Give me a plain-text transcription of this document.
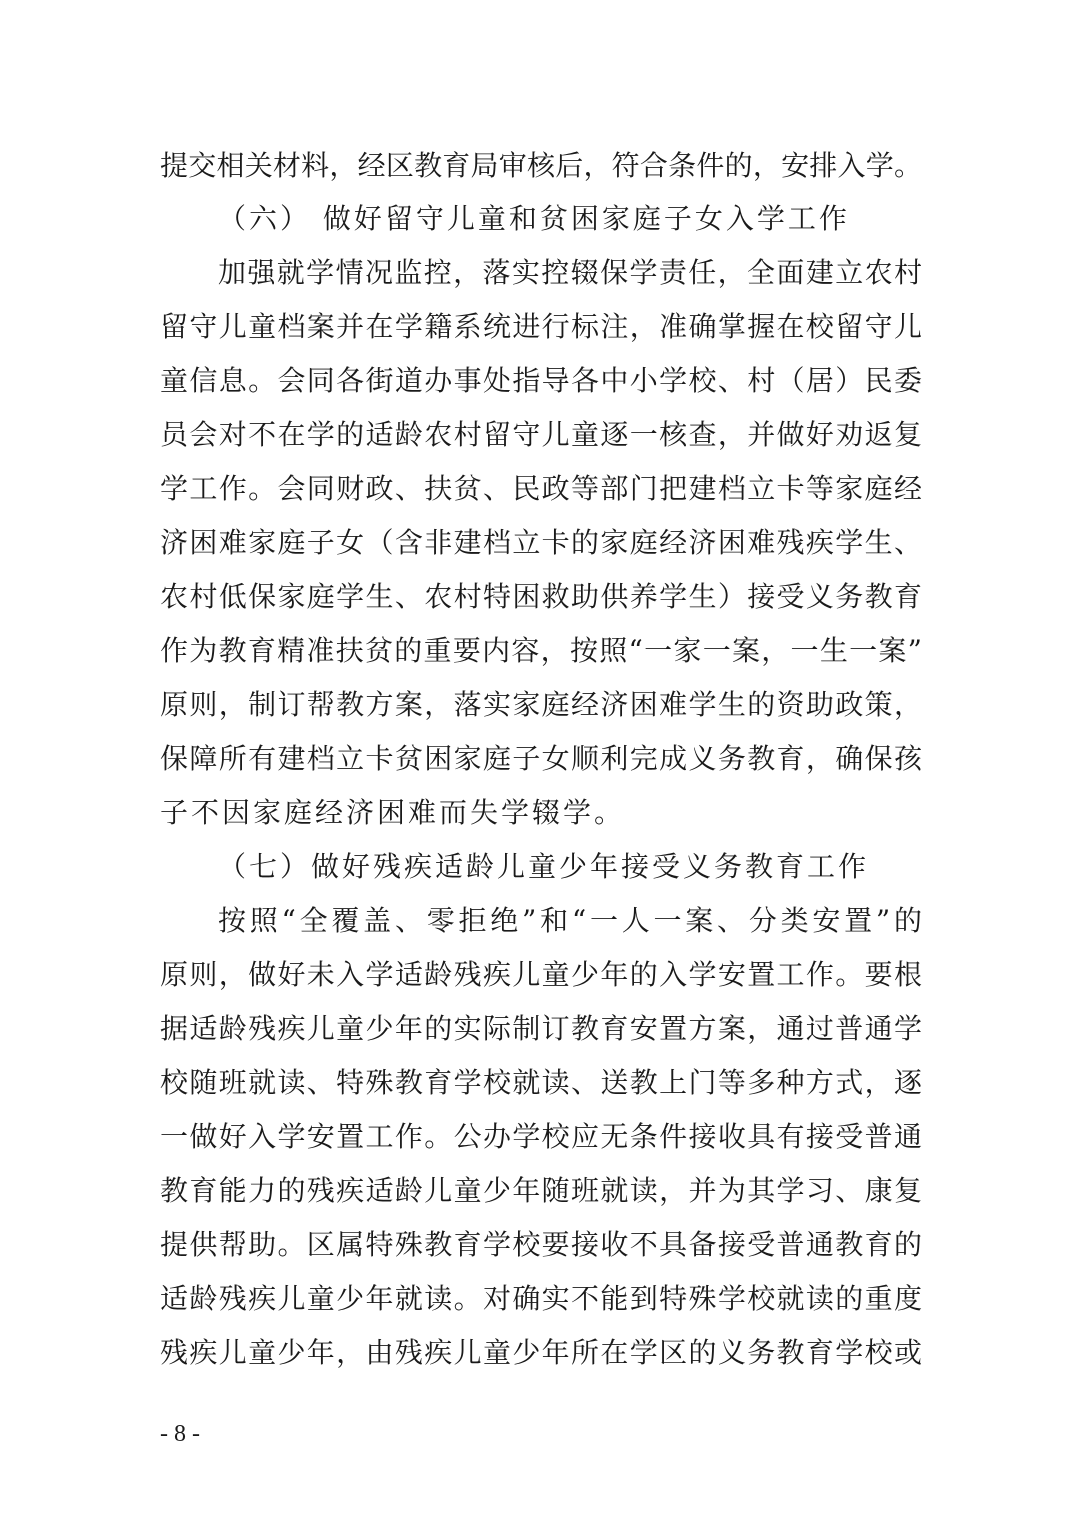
提交相关材料，经区教育局审核后，符合条件的，安排入学。
（六） 做好留守儿童和贫困家庭子女入学工作
加强就学情况监控，落实控辍保学责任，全面建立农村
留守儿童档案并在学籍系统进行标注，准确掌握在校留守儿
童信息。会同各街道办事处指导各中小学校、村（居）民委
员会对不在学的适龄农村留守儿童逐一核查，并做好劝返复
学工作。会同财政、扶贫、民政等部门把建档立卡等家庭经
济困难家庭子女（含非建档立卡的家庭经济困难残疾学生、
农村低保家庭学生、农村特困救助供养学生）接受义务教育
作为教育精准扶贫的重要内容，按照“一家一案，一生一案”
原则，制订帮教方案，落实家庭经济困难学生的资助政策，
保障所有建档立卡贫困家庭子女顺利完成义务教育，确保孩
子不因家庭经济困难而失学辍学。
（七）做好残疾适龄儿童少年接受义务教育工作
按照“全覆盖、零拒绝”和“一人一案、分类安置”的
原则，做好未入学适龄残疾儿童少年的入学安置工作。要根
据适龄残疾儿童少年的实际制订教育安置方案，通过普通学
校随班就读、特殊教育学校就读、送教上门等多种方式，逐
一做好入学安置工作。公办学校应无条件接收具有接受普通
教育能力的残疾适龄儿童少年随班就读，并为其学习、康复
提供帮助。区属特殊教育学校要接收不具备接受普通教育的
适龄残疾儿童少年就读。对确实不能到特殊学校就读的重度
残疾儿童少年，由残疾儿童少年所在学区的义务教育学校或
- 8 -
